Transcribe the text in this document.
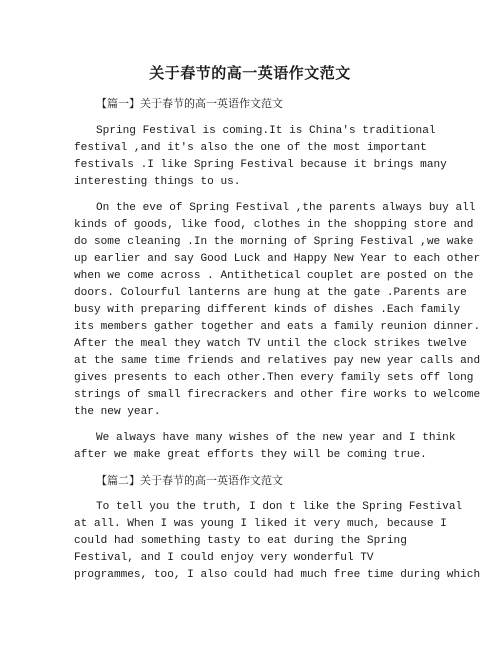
关于春节的高一英语作文范文
【篇一】关于春节的高一英语作文范文
Spring Festival is coming.It is China's traditional
festival ,and it's also the one of the most important
festivals .I like Spring Festival because it brings many
interesting things to us.
On the eve of Spring Festival ,the parents always buy all
kinds of goods, like food, clothes in the shopping store and
do some cleaning .In the morning of Spring Festival ,we wake
up earlier and say Good Luck and Happy New Year to each other
when we come across . Antithetical couplet are posted on the
doors. Colourful lanterns are hung at the gate .Parents are
busy with preparing different kinds of dishes .Each family
its members gather together and eats a family reunion dinner.
After the meal they watch TV until the clock strikes twelve
at the same time friends and relatives pay new year calls and
gives presents to each other.Then every family sets off long
strings of small firecrackers and other fire works to welcome
the new year.
We always have many wishes of the new year and I think
after we make great efforts they will be coming true.
【篇二】关于春节的高一英语作文范文
To tell you the truth, I don t like the Spring Festival
at all. When I was young I liked it very much, because I
could had something tasty to eat during the Spring
Festival, and I could enjoy very wonderful TV
programmes, too, I also could had much free time during which
